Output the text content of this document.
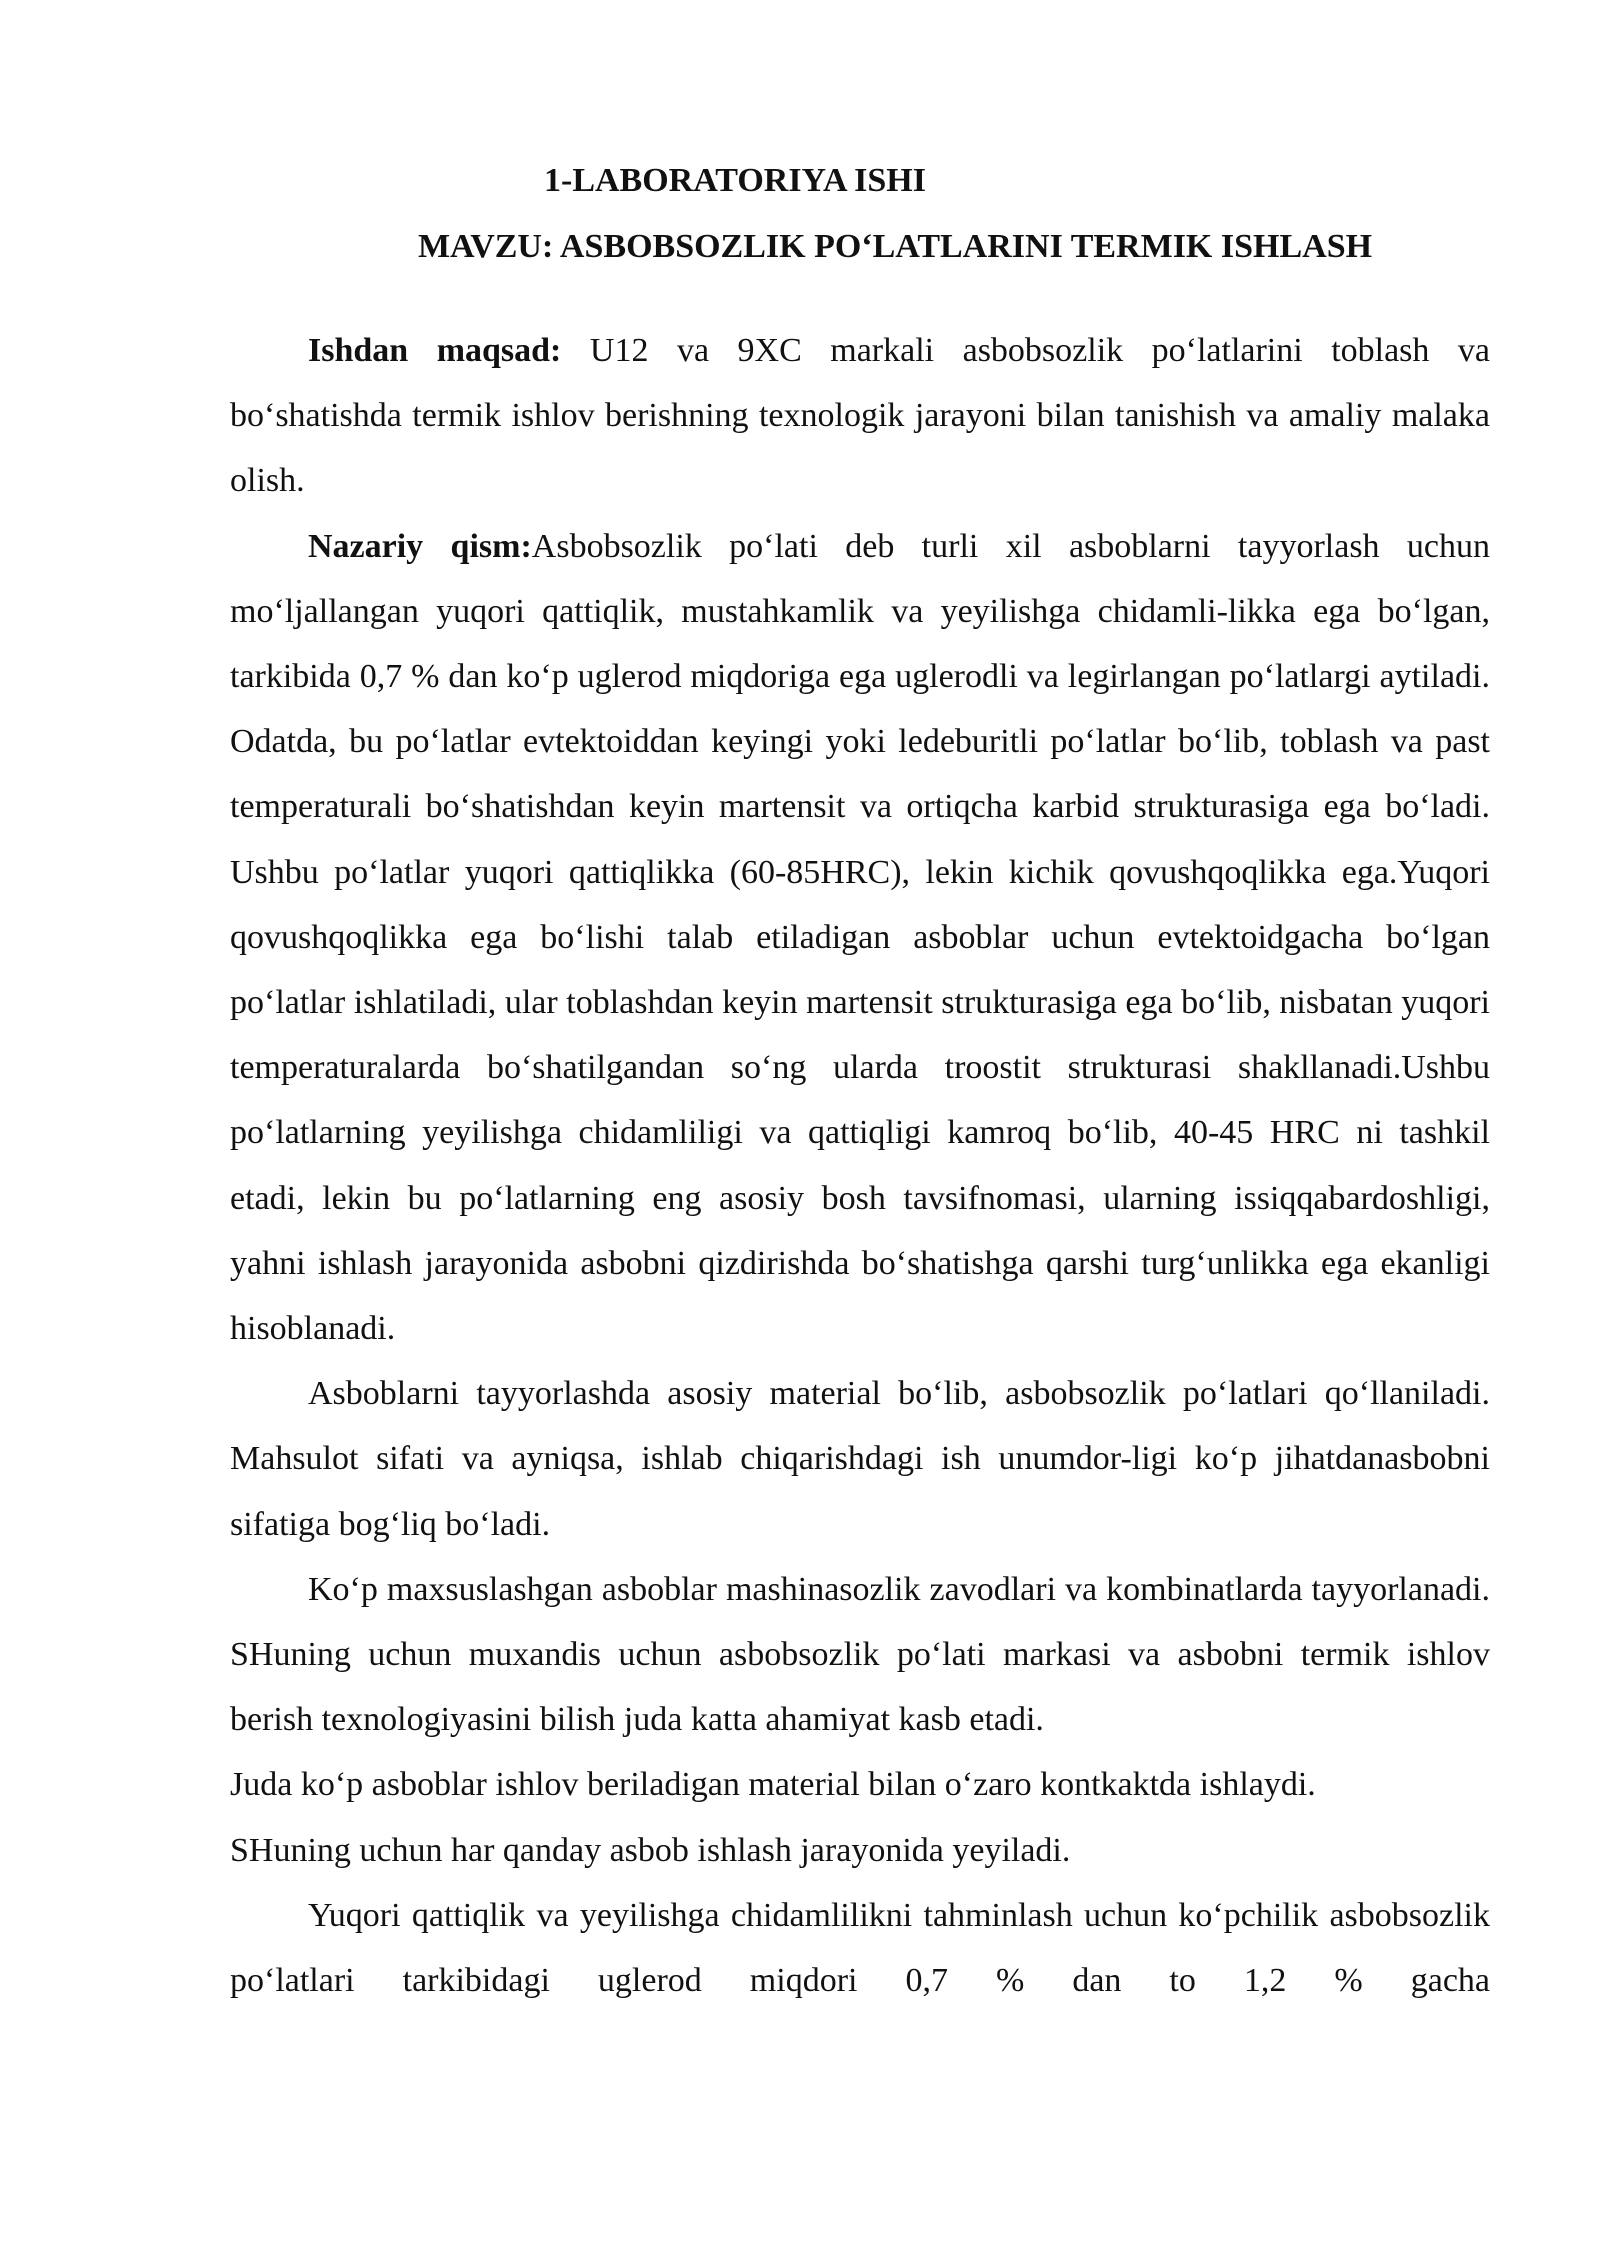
1-LABORATORIYA ISHI

MAVZU: ASBOBSOZLIK PO‘LATLARINI TERMIK ISHLASH

Ishdan maqsad: U12 va 9XC markali asbobsozlik po‘latlarini toblash va bo‘shatishda termik ishlov berishning texnologik jarayoni bilan tanishish va amaliy malaka olish.

Nazariy qism:Asbobsozlik po‘lati deb turli xil asboblarni tayyorlash uchun mo‘ljallangan yuqori qattiqlik, mustahkamlik va yeyilishga chidamli-likka ega bo‘lgan, tarkibida 0,7 % dan ko‘p uglerod miqdoriga ega uglerodli va legirlangan po‘latlargi aytiladi. Odatda, bu po‘latlar evtektoiddan keyingi yoki ledeburitli po‘latlar bo‘lib, toblash va past temperaturali bo‘shatishdan keyin martensit va ortiqcha karbid strukturasiga ega bo‘ladi. Ushbu po‘latlar yuqori qattiqlikka (60-85HRC), lekin kichik qovushqoqlikka ega.Yuqori qovushqoqlikka ega bo‘lishi talab etiladigan asboblar uchun evtektoidgacha bo‘lgan po‘latlar ishlatiladi, ular toblashdan keyin martensit strukturasiga ega bo‘lib, nisbatan yuqori temperaturalarda bo‘shatilgandan so‘ng ularda troostit strukturasi shakllanadi.Ushbu po‘latlarning yeyilishga chidamliligi va qattiqligi kamroq bo‘lib, 40-45 HRC ni tashkil etadi, lekin bu po‘latlarning eng asosiy bosh tavsifnomasi, ularning issiqqabardoshligi, yahni ishlash jarayonida asbobni qizdirishda bo‘shatishga qarshi turg‘unlikka ega ekanligi hisoblanadi.

Asboblarni tayyorlashda asosiy material bo‘lib, asbobsozlik po‘latlari qo‘llaniladi. Mahsulot sifati va ayniqsa, ishlab chiqarishdagi ish unumdor-ligi ko‘p jihatdanasbobni sifatiga bog‘liq bo‘ladi.

Ko‘p maxsuslashgan asboblar mashinasozlik zavodlari va kombinatlarda tayyorlanadi. SHuning uchun muxandis uchun asbobsozlik po‘lati markasi va asbobni termik ishlov berish texnologiyasini bilish juda katta ahamiyat kasb etadi.

Juda ko‘p asboblar ishlov beriladigan material bilan o‘zaro kontkaktda ishlaydi.

SHuning uchun har qanday asbob ishlash jarayonida yeyiladi.

Yuqori qattiqlik va yeyilishga chidamlilikni tahminlash uchun ko‘pchilik asbobsozlik po‘latlari tarkibidagi uglerod miqdori 0,7 % dan to 1,2 % gacha
